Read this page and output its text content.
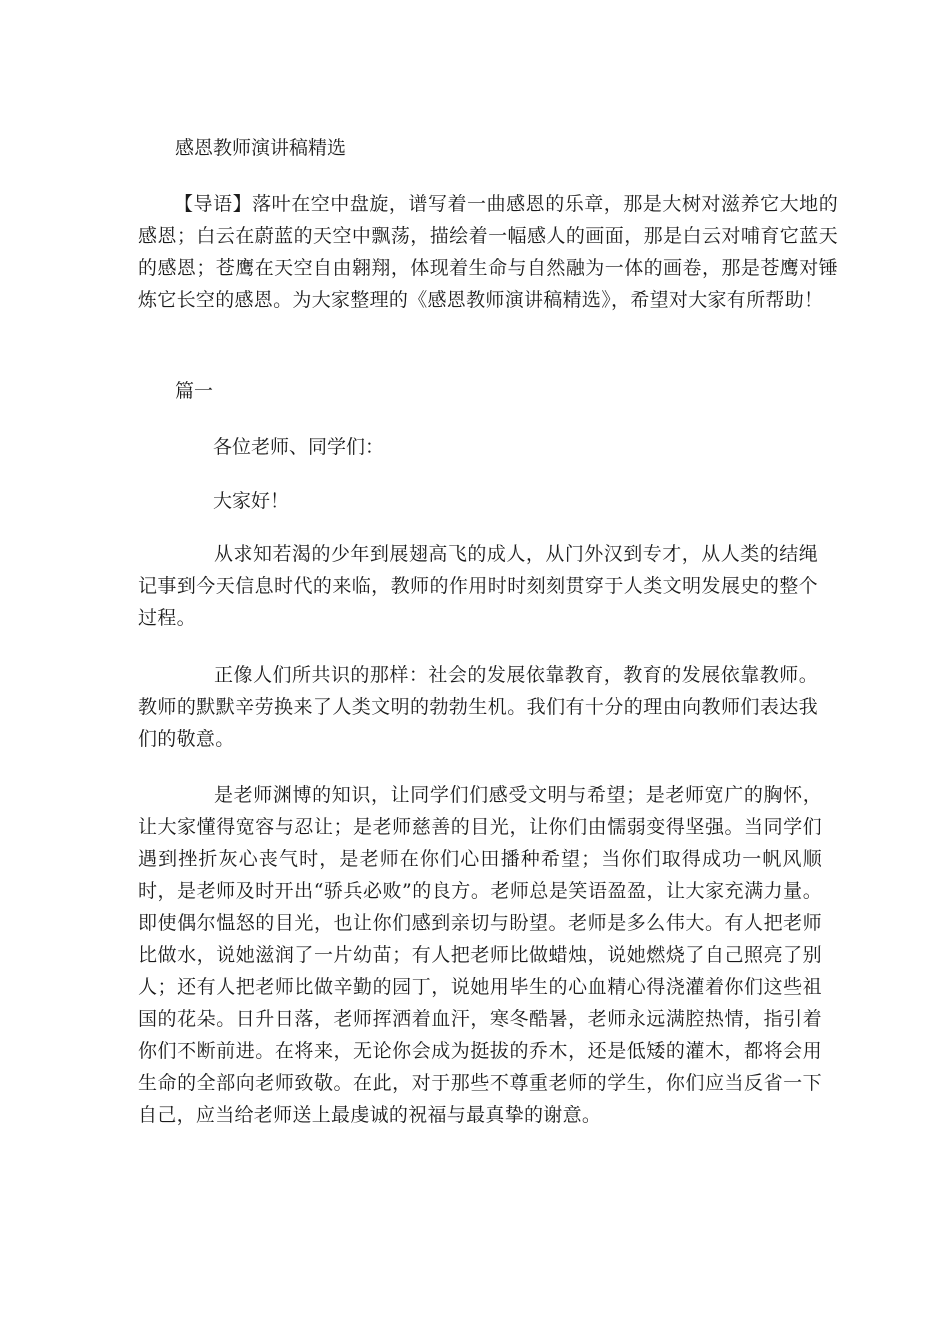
感恩教师演讲稿精选

【导语】落叶在空中盘旋，谱写着一曲感恩的乐章，那是大树对滋养它大地的感恩；白云在蔚蓝的天空中飘荡，描绘着一幅感人的画面，那是白云对哺育它蓝天的感恩；苍鹰在天空自由翱翔，体现着生命与自然融为一体的画卷，那是苍鹰对锤炼它长空的感恩。为大家整理的《感恩教师演讲稿精选》，希望对大家有所帮助！

篇一
各位老师、同学们：
大家好！

从求知若渴的少年到展翅高飞的成人，从门外汉到专才，从人类的结绳记事到今天信息时代的来临，教师的作用时时刻刻贯穿于人类文明发展史的整个过程。

正像人们所共识的那样：社会的发展依靠教育，教育的发展依靠教师。教师的默默辛劳换来了人类文明的勃勃生机。我们有十分的理由向教师们表达我们的敬意。

是老师渊博的知识，让同学们们感受文明与希望；是老师宽广的胸怀，让大家懂得宽容与忍让；是老师慈善的目光，让你们由懦弱变得坚强。当同学们遇到挫折灰心丧气时，是老师在你们心田播种希望；当你们取得成功一帆风顺时，是老师及时开出“骄兵必败”的良方。老师总是笑语盈盈，让大家充满力量。即使偶尔愠怒的目光，也让你们感到亲切与盼望。老师是多么伟大。有人把老师比做水，说她滋润了一片幼苗；有人把老师比做蜡烛，说她燃烧了自己照亮了别人；还有人把老师比做辛勤的园丁，说她用毕生的心血精心得浇灌着你们这些祖国的花朵。日升日落，老师挥洒着血汗，寒冬酷暑，老师永远满腔热情，指引着你们不断前进。在将来，无论你会成为挺拔的乔木，还是低矮的灌木，都将会用生命的全部向老师致敬。在此，对于那些不尊重老师的学生，你们应当反省一下自己，应当给老师送上最虔诚的祝福与最真挚的谢意。
